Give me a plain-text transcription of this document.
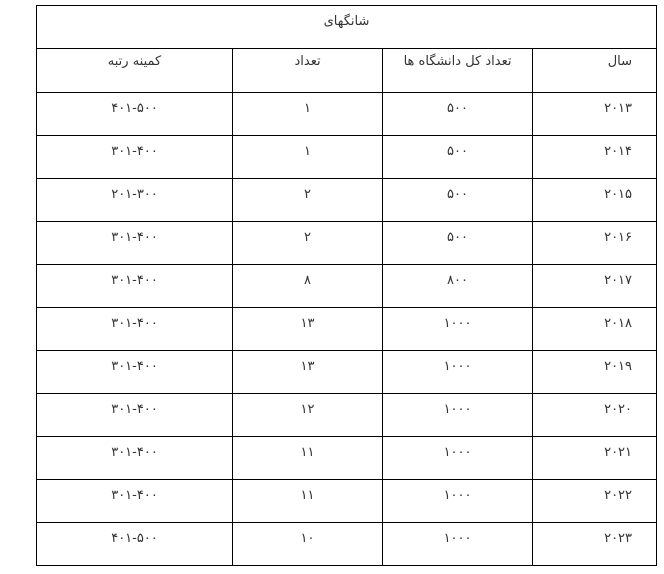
شانگهای			
سال	تعداد کل دانشگاه ها	تعداد	کمینه رتبه
۲۰۱۳	۵۰۰	۱	۴۰۱-۵۰۰
۲۰۱۴	۵۰۰	۱	۳۰۱-۴۰۰
۲۰۱۵	۵۰۰	۲	۲۰۱-۳۰۰
۲۰۱۶	۵۰۰	۲	۳۰۱-۴۰۰
۲۰۱۷	۸۰۰	۸	۳۰۱-۴۰۰
۲۰۱۸	۱۰۰۰	۱۳	۳۰۱-۴۰۰
۲۰۱۹	۱۰۰۰	۱۳	۳۰۱-۴۰۰
۲۰۲۰	۱۰۰۰	۱۲	۳۰۱-۴۰۰
۲۰۲۱	۱۰۰۰	۱۱	۳۰۱-۴۰۰
۲۰۲۲	۱۰۰۰	۱۱	۳۰۱-۴۰۰
۲۰۲۳	۱۰۰۰	۱۰	۴۰۱-۵۰۰
